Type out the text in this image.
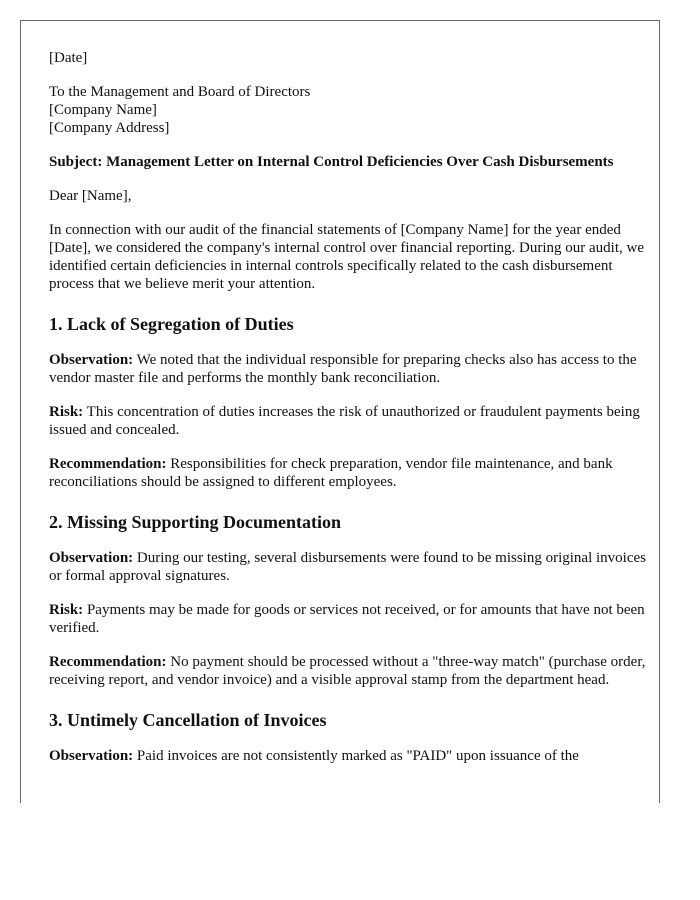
[Date]
To the Management and Board of Directors
[Company Name]
[Company Address]
Subject: Management Letter on Internal Control Deficiencies Over Cash Disbursements
Dear [Name],
In connection with our audit of the financial statements of [Company Name] for the year ended [Date], we considered the company's internal control over financial reporting. During our audit, we identified certain deficiencies in internal controls specifically related to the cash disbursement process that we believe merit your attention.
1. Lack of Segregation of Duties

Observation: We noted that the individual responsible for preparing checks also has access to the vendor master file and performs the monthly bank reconciliation.

Risk: This concentration of duties increases the risk of unauthorized or fraudulent payments being issued and concealed.

Recommendation: Responsibilities for check preparation, vendor file maintenance, and bank reconciliations should be assigned to different employees.

2. Missing Supporting Documentation

Observation: During our testing, several disbursements were found to be missing original invoices or formal approval signatures.

Risk: Payments may be made for goods or services not received, or for amounts that have not been verified.

Recommendation: No payment should be processed without a "three-way match" (purchase order, receiving report, and vendor invoice) and a visible approval stamp from the department head.

3. Untimely Cancellation of Invoices

Observation: Paid invoices are not consistently marked as "PAID" upon issuance of the
